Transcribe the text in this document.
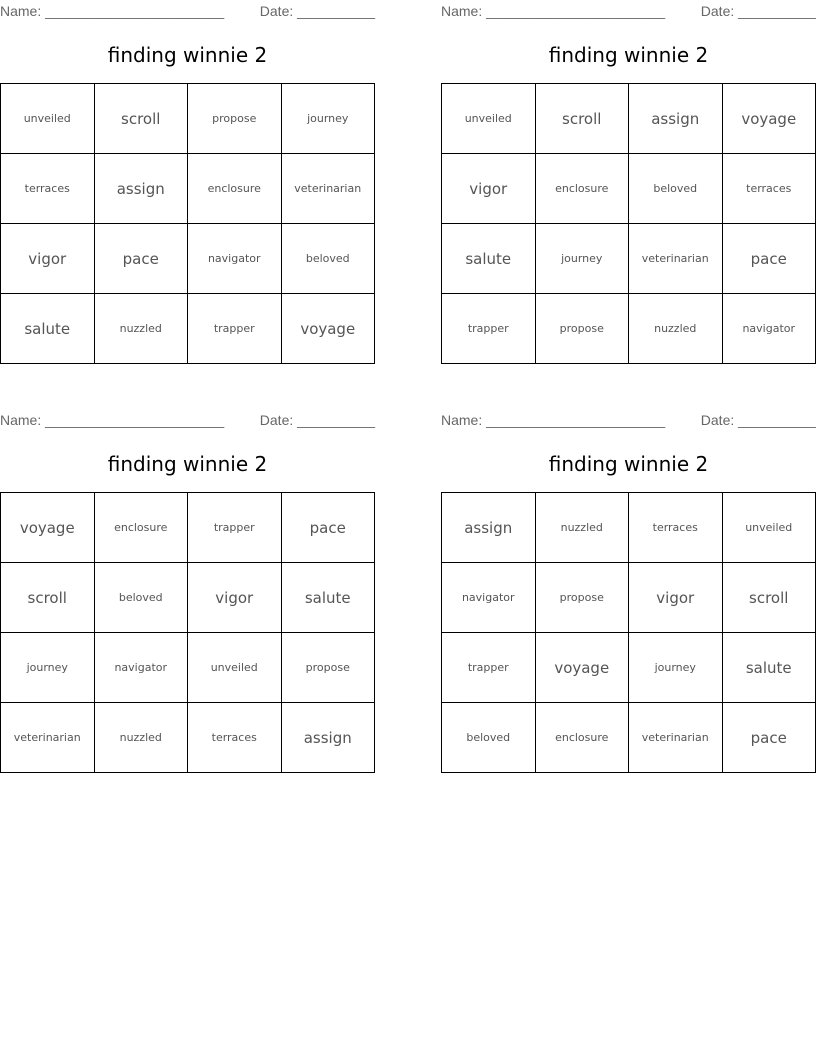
Name: _______________________	Date: __________
finding winnie 2
unveiled	scroll	propose	journey
terraces	assign	enclosure	veterinarian
vigor	pace	navigator	beloved
salute	nuzzled	trapper	voyage
Name: _______________________	Date: __________
finding winnie 2
unveiled	scroll	assign	voyage
vigor	enclosure	beloved	terraces
salute	journey	veterinarian	pace
trapper	propose	nuzzled	navigator
Name: _______________________	Date: __________
finding winnie 2
voyage	enclosure	trapper	pace
scroll	beloved	vigor	salute
journey	navigator	unveiled	propose
veterinarian	nuzzled	terraces	assign
Name: _______________________	Date: __________
finding winnie 2
assign	nuzzled	terraces	unveiled
navigator	propose	vigor	scroll
trapper	voyage	journey	salute
beloved	enclosure	veterinarian	pace
